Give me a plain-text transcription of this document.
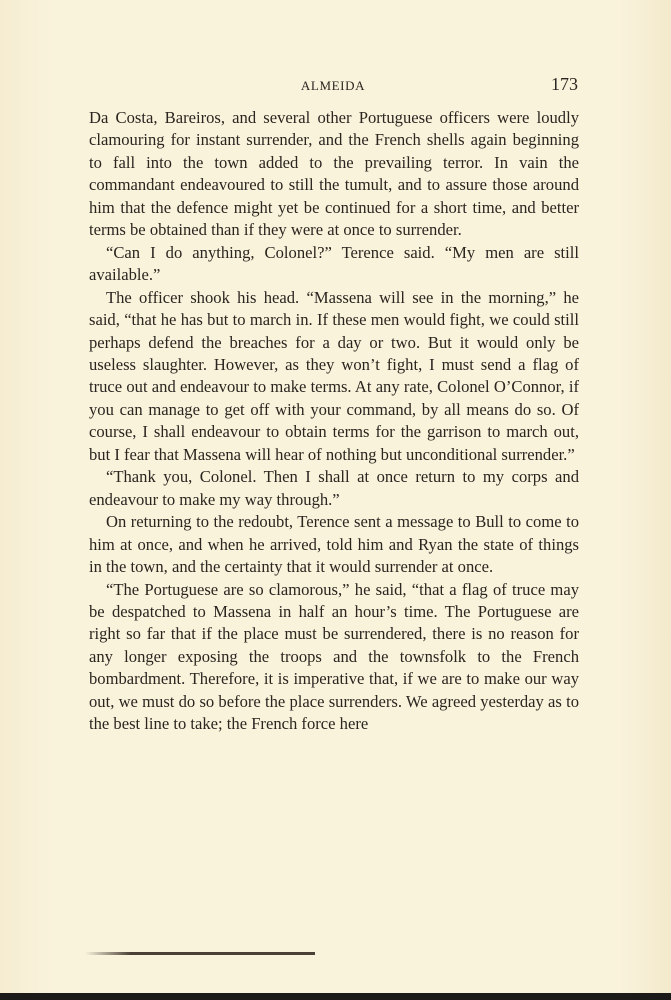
ALMEIDA	173

Da Costa, Bareiros, and several other Portuguese officers were loudly clamouring for instant surrender, and the French shells again beginning to fall into the town added to the prevailing terror. In vain the commandant endeavoured to still the tumult, and to assure those around him that the defence might yet be continued for a short time, and better terms be obtained than if they were at once to surrender.

“Can I do anything, Colonel?” Terence said. “My men are still available.”

The officer shook his head. “Massena will see in the morning,” he said, “that he has but to march in. If these men would fight, we could still perhaps defend the breaches for a day or two. But it would only be useless slaughter. However, as they won’t fight, I must send a flag of truce out and endeavour to make terms. At any rate, Colonel O’Connor, if you can manage to get off with your command, by all means do so. Of course, I shall endeavour to obtain terms for the garrison to march out, but I fear that Massena will hear of nothing but unconditional surrender.”

“Thank you, Colonel. Then I shall at once return to my corps and endeavour to make my way through.”

On returning to the redoubt, Terence sent a message to Bull to come to him at once, and when he arrived, told him and Ryan the state of things in the town, and the certainty that it would surrender at once.

“The Portuguese are so clamorous,” he said, “that a flag of truce may be despatched to Massena in half an hour’s time. The Portuguese are right so far that if the place must be surrendered, there is no reason for any longer exposing the troops and the townsfolk to the French bombardment. Therefore, it is imperative that, if we are to make our way out, we must do so before the place surrenders. We agreed yesterday as to the best line to take; the French force here
